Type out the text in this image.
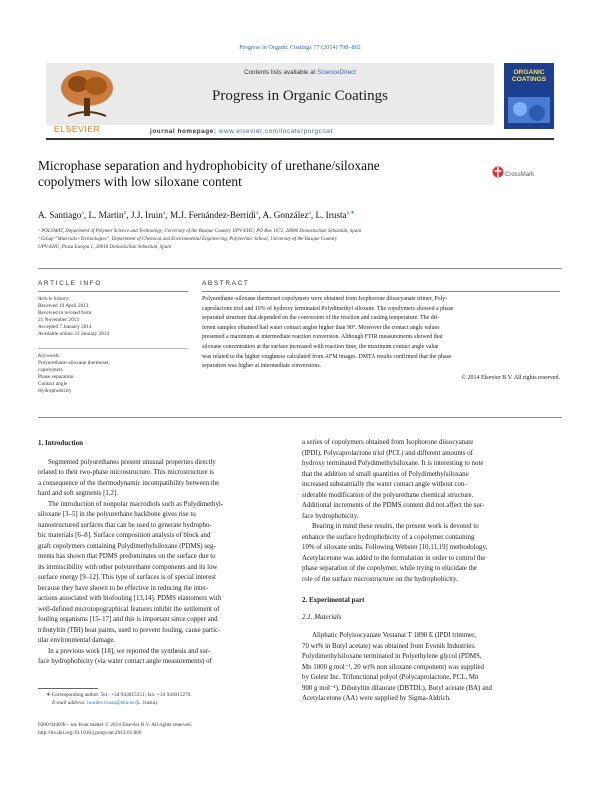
Progress in Organic Coatings 77 (2014) 798–802
ELSEVIER
Contents lists available at ScienceDirect
Progress in Organic Coatings
ORGANIC
COATINGS
journal homepage: www.elsevier.com/locate/porgcoat
Microphase separation and hydrophobicity of urethane/siloxane
copolymers with low siloxane content	CrossMark
A. Santiago$^a$, L. Martin$^b$, J.J. Iruin$^a$, M.J. Fernández-Berridi$^a$, A. González$^a$, L. Irusta$^{a,∗}$
ᵃ POLYMAT, Department of Polymer Science and Technology, University of the Basque Country UPV-EHU, PO Box 1072, 20080 Donostia/San Sebastián, Spain
ᵇ Group “Materials+Technologies”, Department of Chemical and Environmental Engineering, Polytechnic School, University of the Basque Country
UPV-EHU, Plaza Europa 1, 20018 Donostia/San Sebastián, Spain
ARTICLE INFO
Article history:
Received 19 April 2013
Received in revised form
21 November 2013
Accepted 7 January 2014
Available online 31 January 2014
Keywords:
Polyurethane–siloxane thermoset
copolymers
Phase separation
Contact angle
Hydrophobicity
ABSTRACT
Polyurethane–siloxane thermoset copolymers were obtained from Isophorone diisocyanate trimer, Poly-
caprolactone triol and 10% of hydroxy terminated Polydimethyl siloxane. The copolymers showed a phase
separated structure that depended on the conversion of the reaction and casting temperature. The dif-
ferent samples obtained had water contact angles higher than 90°. Moreover the contact angle values
presented a maximum at intermediate reaction conversion. Although FTIR measurements showed that
siloxane concentration at the surface increased with reaction time, the maximum contact angle value
was related to the higher roughness calculated from AFM images. DMTA results confirmed that the phase
separation was higher at intermediate conversions.
© 2014 Elsevier B.V. All rights reserved.
1. Introduction

Segmented polyurethanes present unusual properties directly

related to their two-phase microstructure. This microstructure is
a consequence of the thermodynamic incompatibility between the
hard and soft segments [1,2].

The introduction of nonpolar macrodiols such as Polydimethyl-

siloxane [3–5] in the polyurethane backbone gives rise to
nanostructured surfaces that can be used to generate hydropho-
bic materials [6–8]. Surface composition analysis of block and
graft copolymers containing Polydimethylsiloxane (PDMS) seg-
ments has shown that PDMS predominates on the surface due to
its immiscibility with other polyurethane components and its low
surface energy [9–12]. This type of surfaces is of special interest
because they have shown to be effective in reducing the inter-
actions associated with biofouling [13,14]. PDMS elastomers with
well-defined microtopographical features inhibit the settlement of
fouling organisms [15–17] and this is important since copper and
tributyltin (TBI) boat paints, used to prevent fouling, cause partic-
ular environmental damage.

In a previous work [18], we reported the synthesis and sur-

face hydrophobicity (via water contact angle measurements) of
∗ Corresponding author. Tel.: +34 943015351; fax: +34 943015270.
E-mail address: lourdes.irusta@ehu.es (L. Irusta).
0300-9440/$ – see front matter © 2014 Elsevier B.V. All rights reserved.
http://dx.doi.org/10.1016/j.porgcoat.2014.01.006
a series of copolymers obtained from Isophorone diisocyanate
(IPDI), Polycaprolactone triol (PCL) and different amounts of
hydroxy terminated Polydimethylsiloxane. It is interesting to note
that the addition of small quantities of Polydimethylsiloxane
increased substantially the water contact angle without con-
siderable modification of the polyurethane chemical structure.
Additional increments of the PDMS content did not affect the sur-
face hydrophobicity.

Bearing in mind these results, the present work is devoted to

enhance the surface hydrophobicity of a copolymer containing
10% of siloxane units. Following Webster [10,11,19] methodology,
Acetylacetone was added to the formulation in order to control the
phase separation of the copolymer, while trying to elucidate the
role of the surface microstructure on the hydrophobicity.
2. Experimental part
2.1. Materials

Aliphatic Polyisocyanate Vestanat T 1890 E (IPDI trimmer,

70 wt% in Butyl acetate) was obtained from Evonik Industries.
Polydimethylsiloxane terminated in Polyethylene glycol (PDMS,
Mn 1000 g mol⁻¹, 20 wt% non siloxane component) was supplied
by Gelest Inc. Trifunctional polyol (Polycaprolactone, PCL, Mn
900 g mol⁻¹), Dibutyltin dilaurate (DBTDL), Butyl acetate (BA) and
Acetylacetone (AA) were supplied by Sigma-Aldrich.
